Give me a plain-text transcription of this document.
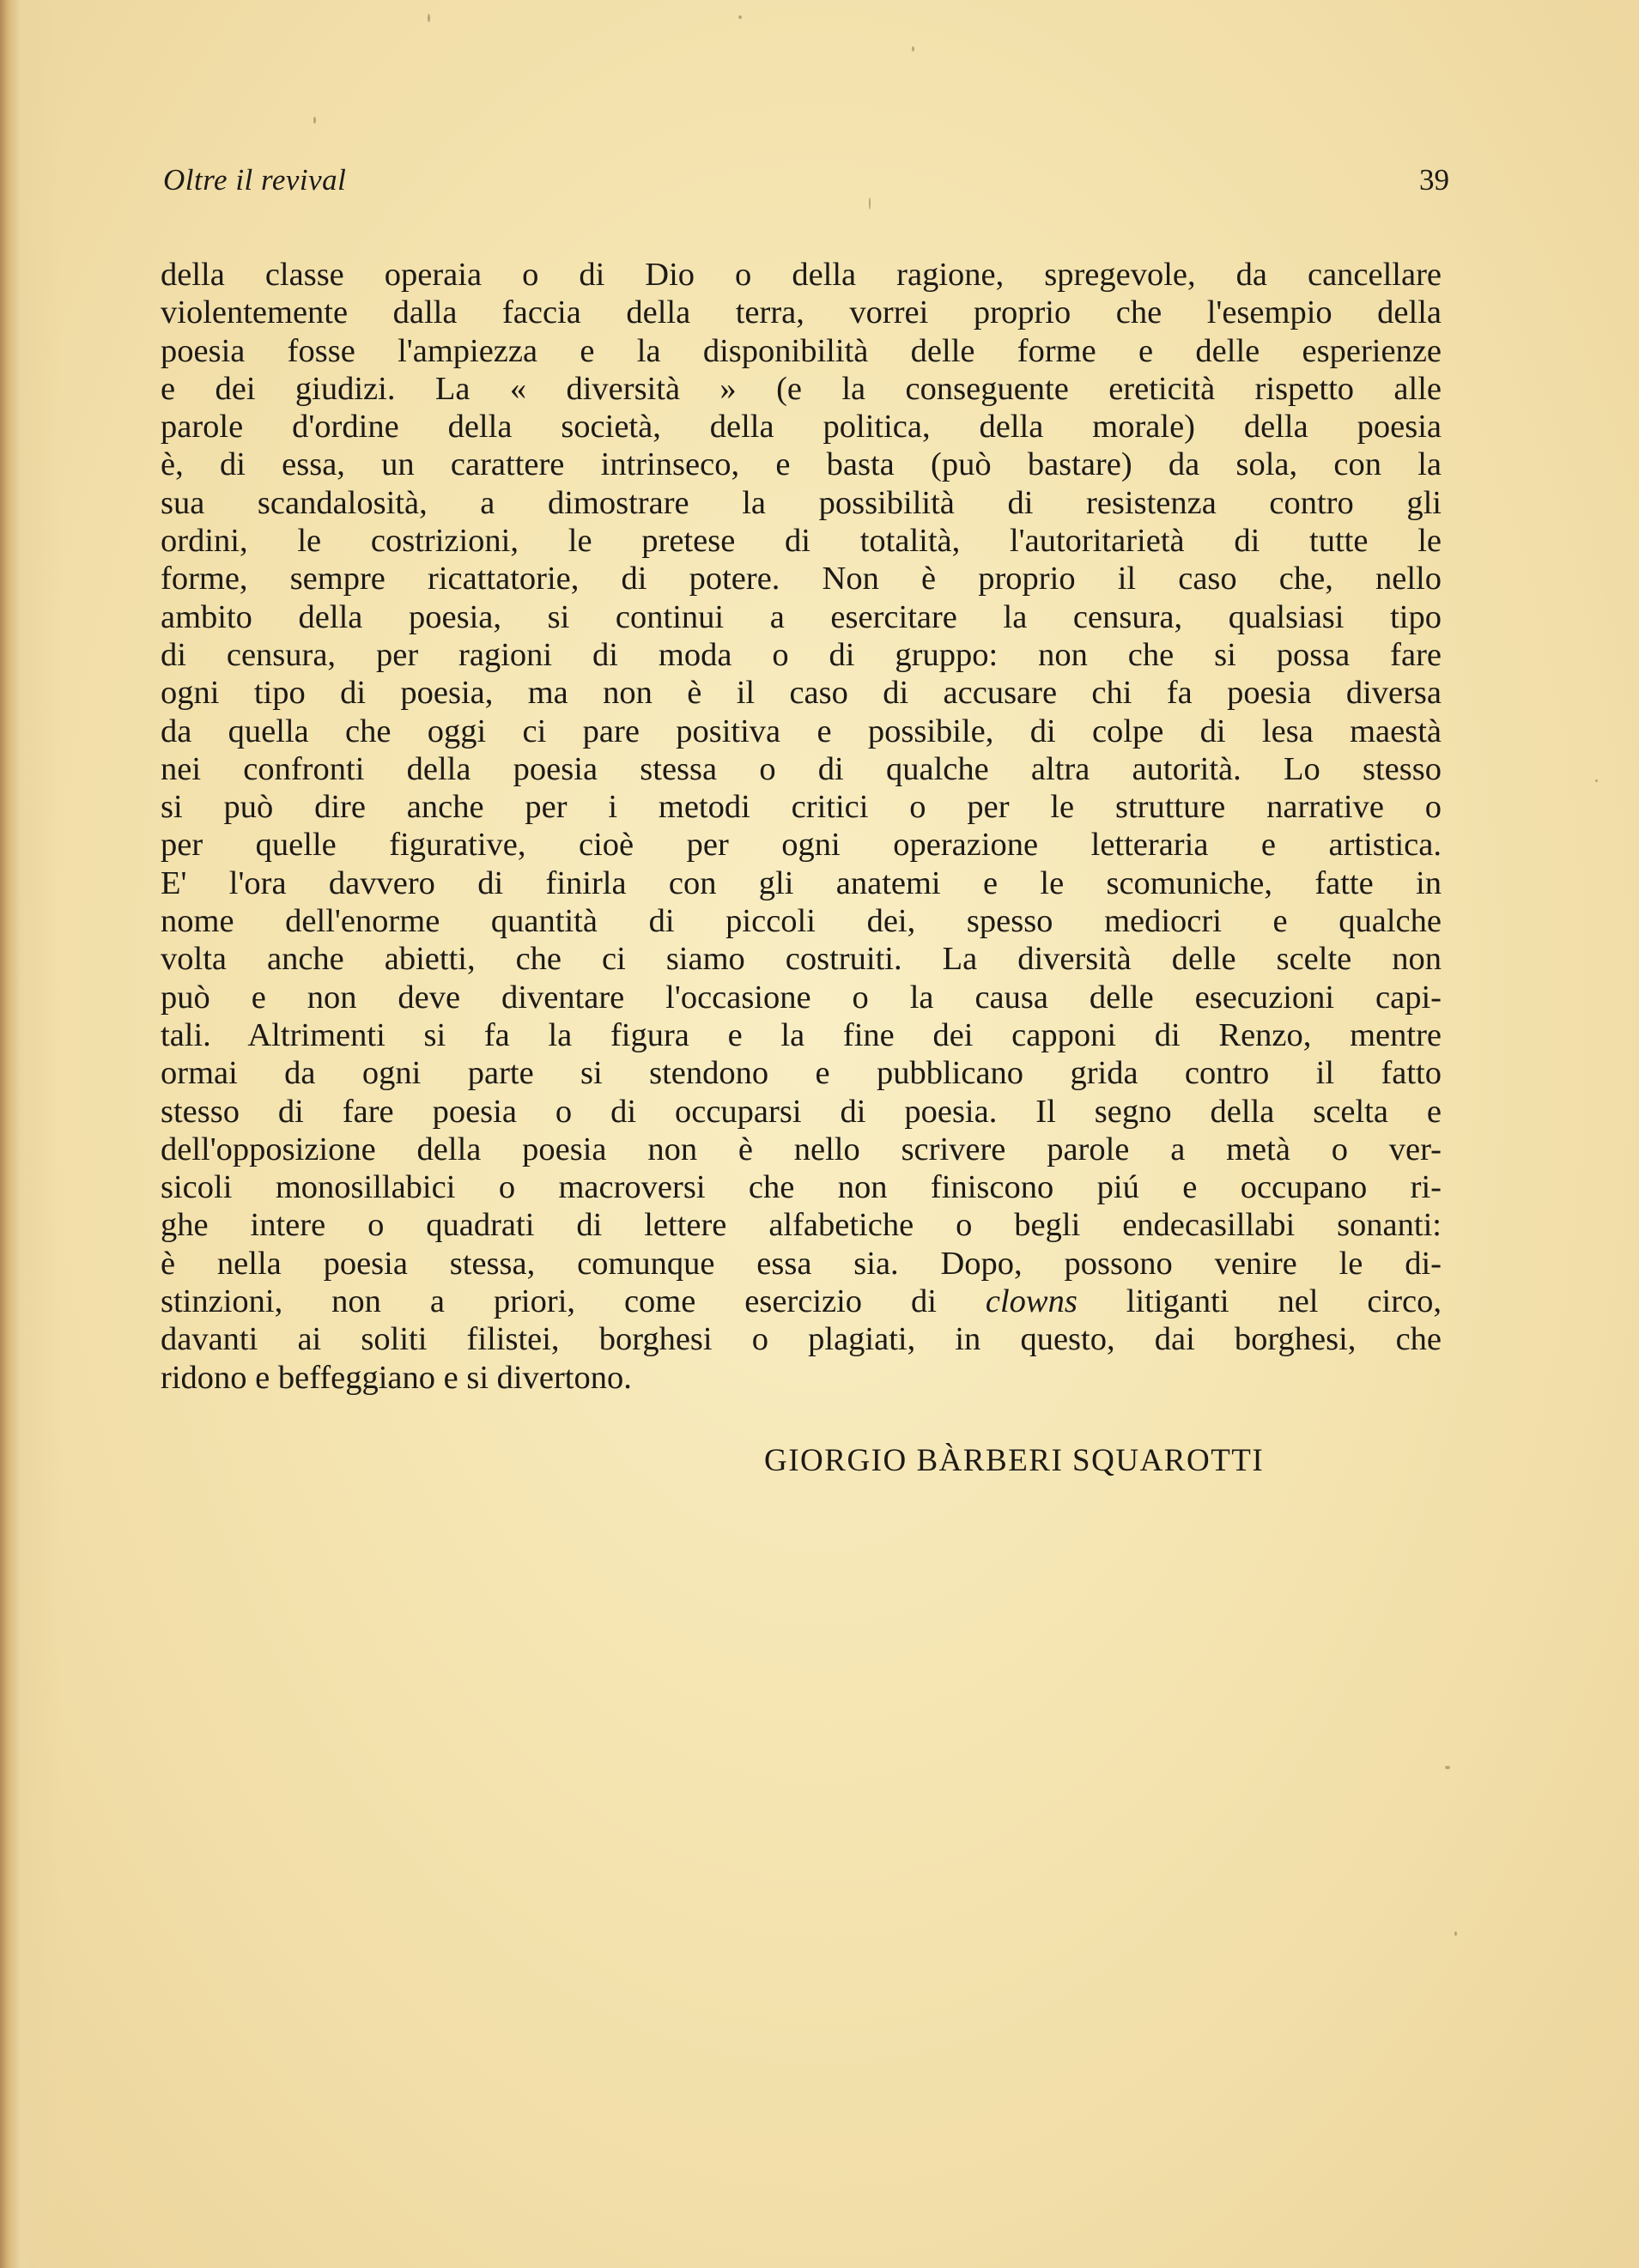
Oltre il revival	39
della classe operaia o di Dio o della ragione, spregevole, da cancellare
violentemente dalla faccia della terra, vorrei proprio che l'esempio della
poesia fosse l'ampiezza e la disponibilità delle forme e delle esperienze
e dei giudizi. La « diversità » (e la conseguente ereticità rispetto alle
parole d'ordine della società, della politica, della morale) della poesia
è, di essa, un carattere intrinseco, e basta (può bastare) da sola, con la
sua scandalosità, a dimostrare la possibilità di resistenza contro gli
ordini, le costrizioni, le pretese di totalità, l'autoritarietà di tutte le
forme, sempre ricattatorie, di potere. Non è proprio il caso che, nello
ambito della poesia, si continui a esercitare la censura, qualsiasi tipo
di censura, per ragioni di moda o di gruppo: non che si possa fare
ogni tipo di poesia, ma non è il caso di accusare chi fa poesia diversa
da quella che oggi ci pare positiva e possibile, di colpe di lesa maestà
nei confronti della poesia stessa o di qualche altra autorità. Lo stesso
si può dire anche per i metodi critici o per le strutture narrative o
per quelle figurative, cioè per ogni operazione letteraria e artistica.
E' l'ora davvero di finirla con gli anatemi e le scomuniche, fatte in
nome dell'enorme quantità di piccoli dei, spesso mediocri e qualche
volta anche abietti, che ci siamo costruiti. La diversità delle scelte non
può e non deve diventare l'occasione o la causa delle esecuzioni capi-
tali. Altrimenti si fa la figura e la fine dei capponi di Renzo, mentre
ormai da ogni parte si stendono e pubblicano grida contro il fatto
stesso di fare poesia o di occuparsi di poesia. Il segno della scelta e
dell'opposizione della poesia non è nello scrivere parole a metà o ver-
sicoli monosillabici o macroversi che non finiscono piú e occupano ri-
ghe intere o quadrati di lettere alfabetiche o begli endecasillabi sonanti:
è nella poesia stessa, comunque essa sia. Dopo, possono venire le di-
stinzioni, non a priori, come esercizio di clowns litiganti nel circo,
davanti ai soliti filistei, borghesi o plagiati, in questo, dai borghesi, che
ridono e beffeggiano e si divertono.
GIORGIO BÀRBERI SQUAROTTI
